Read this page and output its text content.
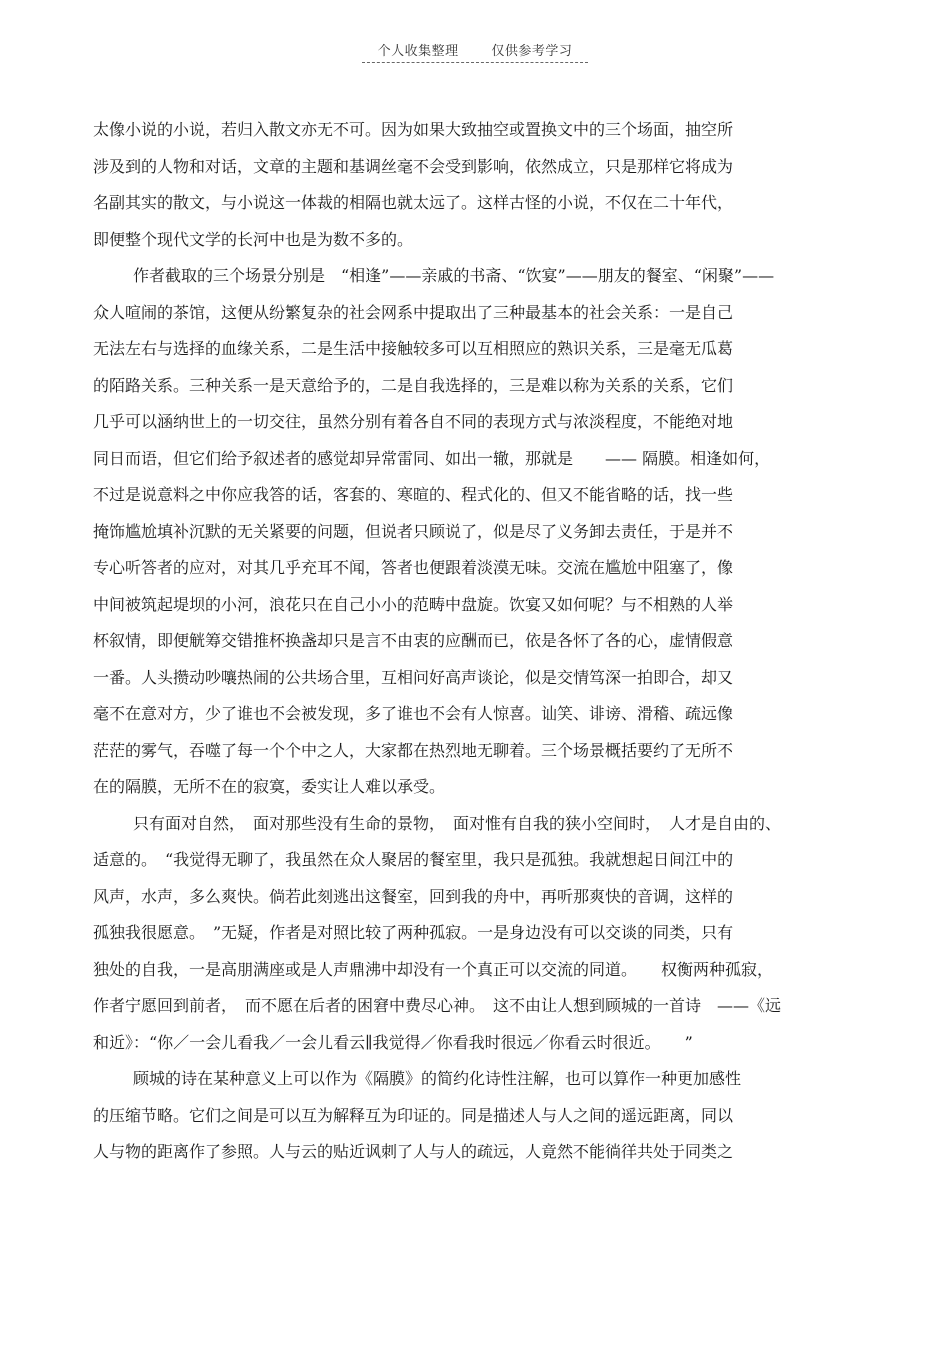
个人收集整理	仅供参考学习
太像小说的小说，若归入散文亦无不可。因为如果大致抽空或置换文中的三个场面，抽空所
涉及到的人物和对话，文章的主题和基调丝毫不会受到影响，依然成立，只是那样它将成为
名副其实的散文，与小说这一体裁的相隔也就太远了。这样古怪的小说，不仅在二十年代，
即便整个现代文学的长河中也是为数不多的。
作者截取的三个场景分别是　“相逢”——亲戚的书斋、“饮宴”——朋友的餐室、“闲聚”——
众人喧闹的茶馆，这便从纷繁复杂的社会网系中提取出了三种最基本的社会关系：一是自己
无法左右与选择的血缘关系，二是生活中接触较多可以互相照应的熟识关系，三是毫无瓜葛
的陌路关系。三种关系一是天意给予的，二是自我选择的，三是难以称为关系的关系，它们
几乎可以涵纳世上的一切交往，虽然分别有着各自不同的表现方式与浓淡程度，不能绝对地
同日而语，但它们给予叙述者的感觉却异常雷同、如出一辙，那就是　　—— 隔膜。相逢如何，
不过是说意料之中你应我答的话，客套的、寒暄的、程式化的、但又不能省略的话，找一些
掩饰尴尬填补沉默的无关紧要的问题，但说者只顾说了，似是尽了义务卸去责任，于是并不
专心听答者的应对，对其几乎充耳不闻，答者也便跟着淡漠无味。交流在尴尬中阻塞了，像
中间被筑起堤坝的小河，浪花只在自己小小的范畴中盘旋。饮宴又如何呢？与不相熟的人举
杯叙情，即便觥筹交错推杯换盏却只是言不由衷的应酬而已，依是各怀了各的心，虚情假意
一番。人头攒动吵嚷热闹的公共场合里，互相问好高声谈论，似是交情笃深一拍即合，却又
毫不在意对方，少了谁也不会被发现，多了谁也不会有人惊喜。讪笑、诽谤、滑稽、疏远像
茫茫的雾气，吞噬了每一个个中之人，大家都在热烈地无聊着。三个场景概括要约了无所不
在的隔膜，无所不在的寂寞，委实让人难以承受。
只有面对自然，　面对那些没有生命的景物，　面对惟有自我的狭小空间时，　人才是自由的、
适意的。　“我觉得无聊了，我虽然在众人聚居的餐室里，我只是孤独。我就想起日间江中的
风声，水声，多么爽快。倘若此刻逃出这餐室，回到我的舟中，再听那爽快的音调，这样的
孤独我很愿意。　”无疑，作者是对照比较了两种孤寂。一是身边没有可以交谈的同类，只有
独处的自我，一是高朋满座或是人声鼎沸中却没有一个真正可以交流的同道。　　权衡两种孤寂，
作者宁愿回到前者，　而不愿在后者的困窘中费尽心神。　这不由让人想到顾城的一首诗　——《远
和近》：“你／一会儿看我／一会儿看云∥我觉得／你看我时很远／你看云时很近。　　”
顾城的诗在某种意义上可以作为《隔膜》的简约化诗性注解，也可以算作一种更加感性
的压缩节略。它们之间是可以互为解释互为印证的。同是描述人与人之间的遥远距离，同以
人与物的距离作了参照。人与云的贴近讽刺了人与人的疏远，人竟然不能徜徉共处于同类之
